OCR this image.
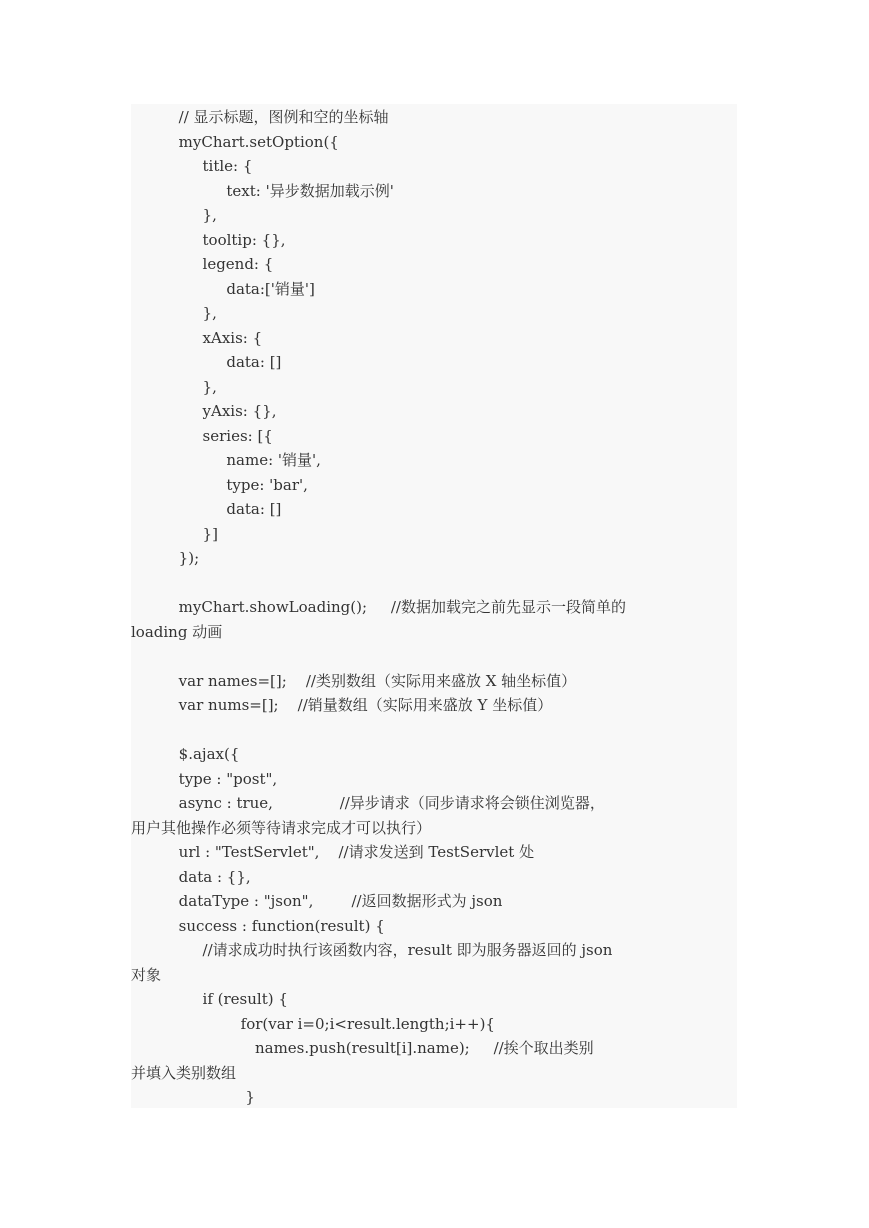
// 显示标题，图例和空的坐标轴
myChart.setOption({
title: {
text: '异步数据加载示例'
},
tooltip: {},
legend: {
data:['销量']
},
xAxis: {
data: []
},
yAxis: {},
series: [{
name: '销量',
type: 'bar',
data: []
}]
});
myChart.showLoading();     //数据加载完之前先显示一段简单的
loading 动画
var names=[];    //类别数组（实际用来盛放 X 轴坐标值）
var nums=[];    //销量数组（实际用来盛放 Y 坐标值）
$.ajax({
type : "post",
async : true,              //异步请求（同步请求将会锁住浏览器，
用户其他操作必须等待请求完成才可以执行）
url : "TestServlet",    //请求发送到 TestServlet 处
data : {},
dataType : "json",        //返回数据形式为 json
success : function(result) {
//请求成功时执行该函数内容，result 即为服务器返回的 json
对象
if (result) {
for(var i=0;i<result.length;i++){
names.push(result[i].name);     //挨个取出类别
并填入类别数组
}
